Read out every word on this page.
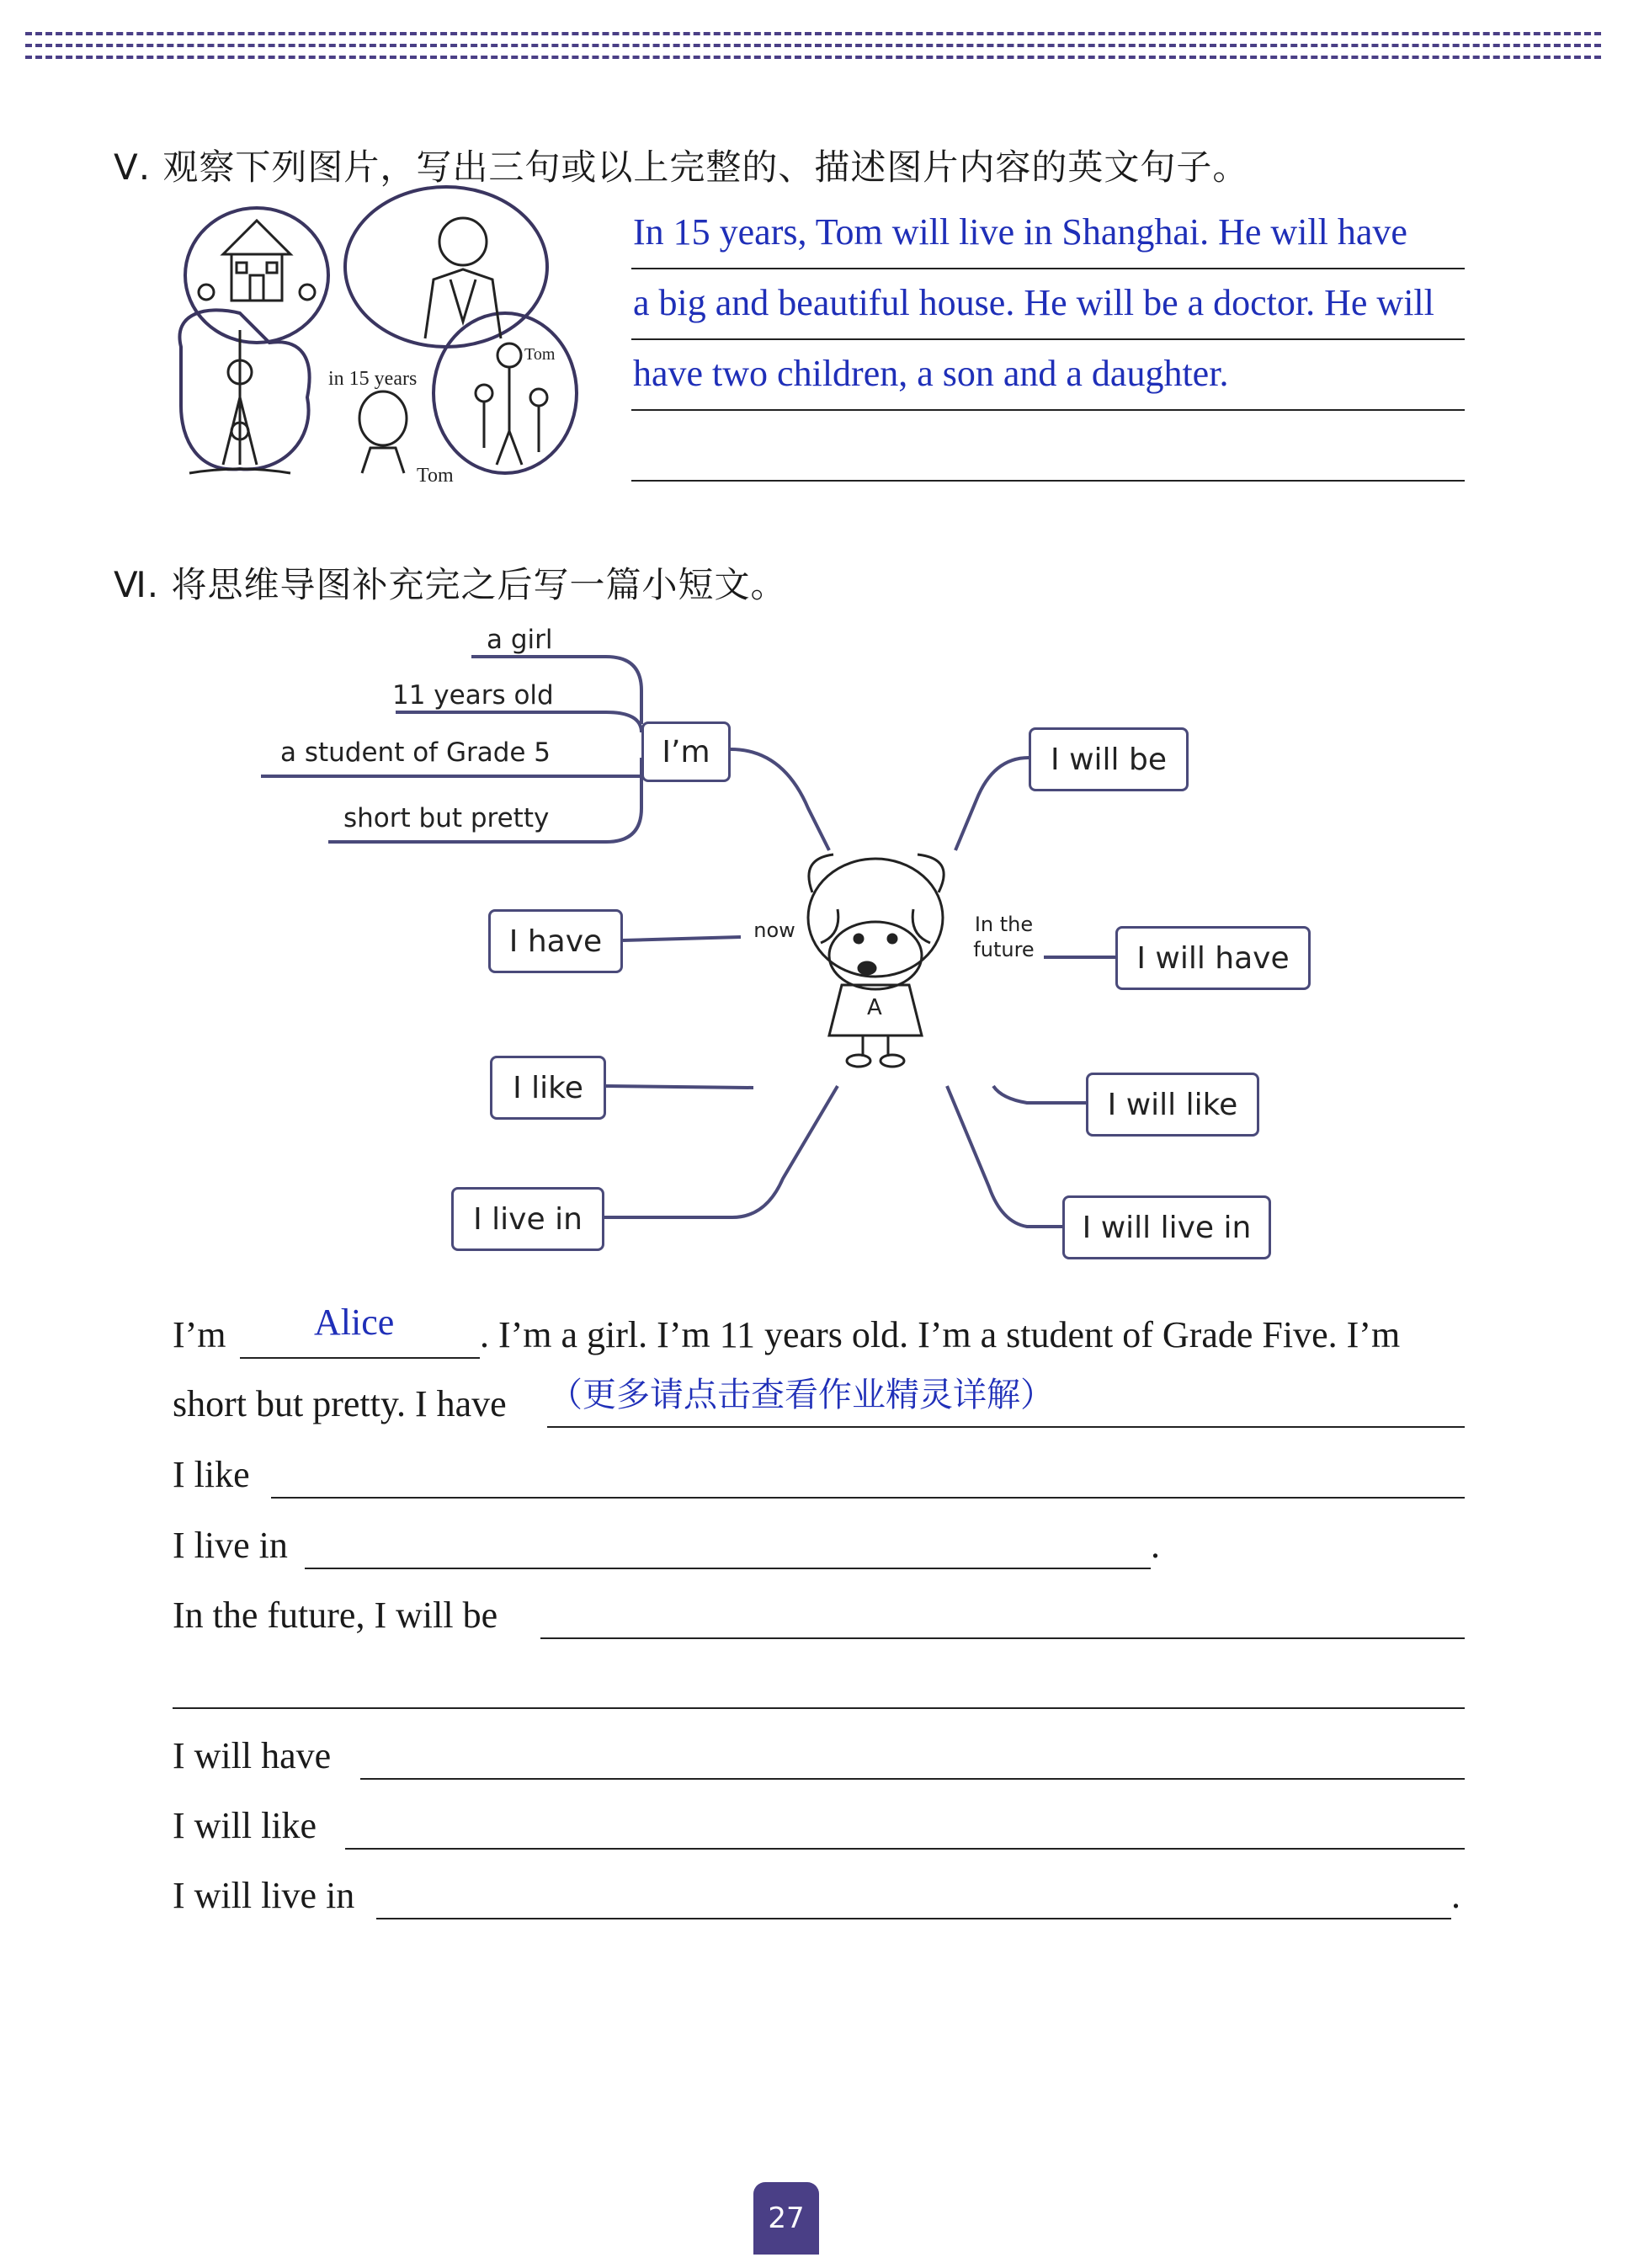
Ⅴ. 观察下列图片，写出三句或以上完整的、描述图片内容的英文句子。
in 15 years
Tom
Tom
In 15 years, Tom will live in Shanghai. He will have
a big and beautiful house. He will be a doctor. He will
have two children, a son and a daughter.
Ⅵ. 将思维导图补充完之后写一篇小短文。
A
a girl
11 years old
a student of Grade 5
short but pretty
I’m
I have
I like
I live in
I will be
I will have
I will like
I will live in
now	In the future
I’m Alice . I’m a girl. I’m 11 years old. I’m a student of Grade Five. I’m
short but pretty. I have （更多请点击查看作业精灵详解）
I like
I live in	.
In the future, I will be
I will have
I will like
I will live in	.
27
